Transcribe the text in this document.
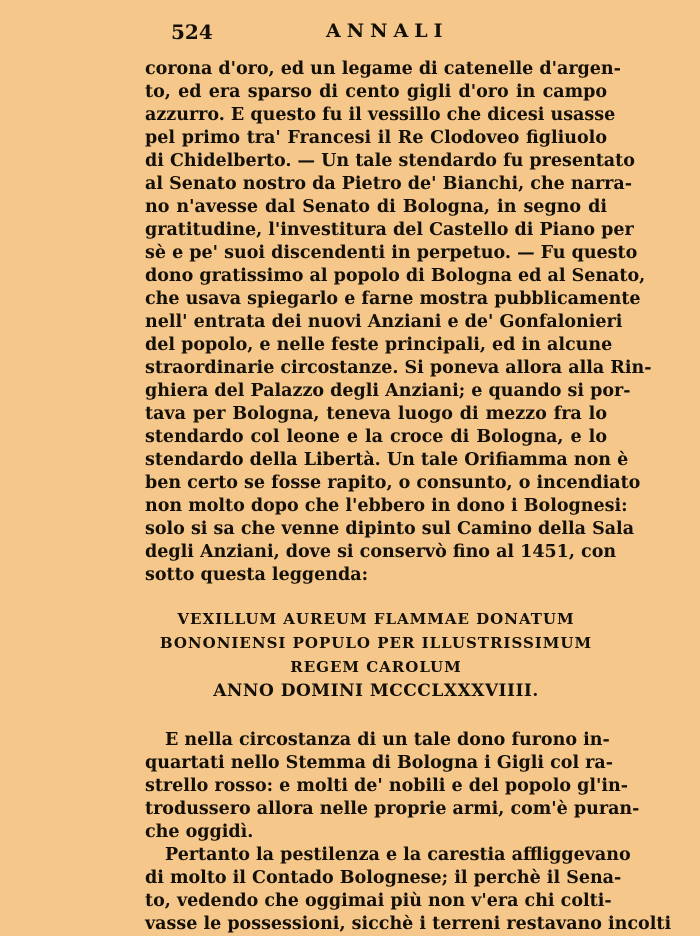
524	ANNALI
corona d'oro, ed un legame di catenelle d'argen-
to, ed era sparso di cento gigli d'oro in campo
azzurro. E questo fu il vessillo che dicesi usasse
pel primo tra' Francesi il Re Clodoveo figliuolo
di Chidelberto. — Un tale stendardo fu presentato
al Senato nostro da Pietro de' Bianchi, che narra-
no n'avesse dal Senato di Bologna, in segno di
gratitudine, l'investitura del Castello di Piano per
sè e pe' suoi discendenti in perpetuo. — Fu questo
dono gratissimo al popolo di Bologna ed al Senato,
che usava spiegarlo e farne mostra pubblicamente
nell' entrata dei nuovi Anziani e de' Gonfalonieri
del popolo, e nelle feste principali, ed in alcune
straordinarie circostanze. Si poneva allora alla Rin-
ghiera del Palazzo degli Anziani; e quando si por-
tava per Bologna, teneva luogo di mezzo fra lo
stendardo col leone e la croce di Bologna, e lo
stendardo della Libertà. Un tale Orifiamma non è
ben certo se fosse rapito, o consunto, o incendiato
non molto dopo che l'ebbero in dono i Bolognesi:
solo si sa che venne dipinto sul Camino della Sala
degli Anziani, dove si conservò fino al 1451, con
sotto questa leggenda:
VEXILLUM AUREUM FLAMMAE DONATUM
BONONIENSI POPULO PER ILLUSTRISSIMUM
REGEM CAROLUM
ANNO DOMINI MCCCLXXXVIIII.
E nella circostanza di un tale dono furono in-
quartati nello Stemma di Bologna i Gigli col ra-
strello rosso: e molti de' nobili e del popolo gl'in-
trodussero allora nelle proprie armi, com'è puran-
che oggidì.
Pertanto la pestilenza e la carestia affliggevano
di molto il Contado Bolognese; il perchè il Sena-
to, vedendo che oggimai più non v'era chi colti-
vasse le possessioni, sicchè i terreni restavano incolti
